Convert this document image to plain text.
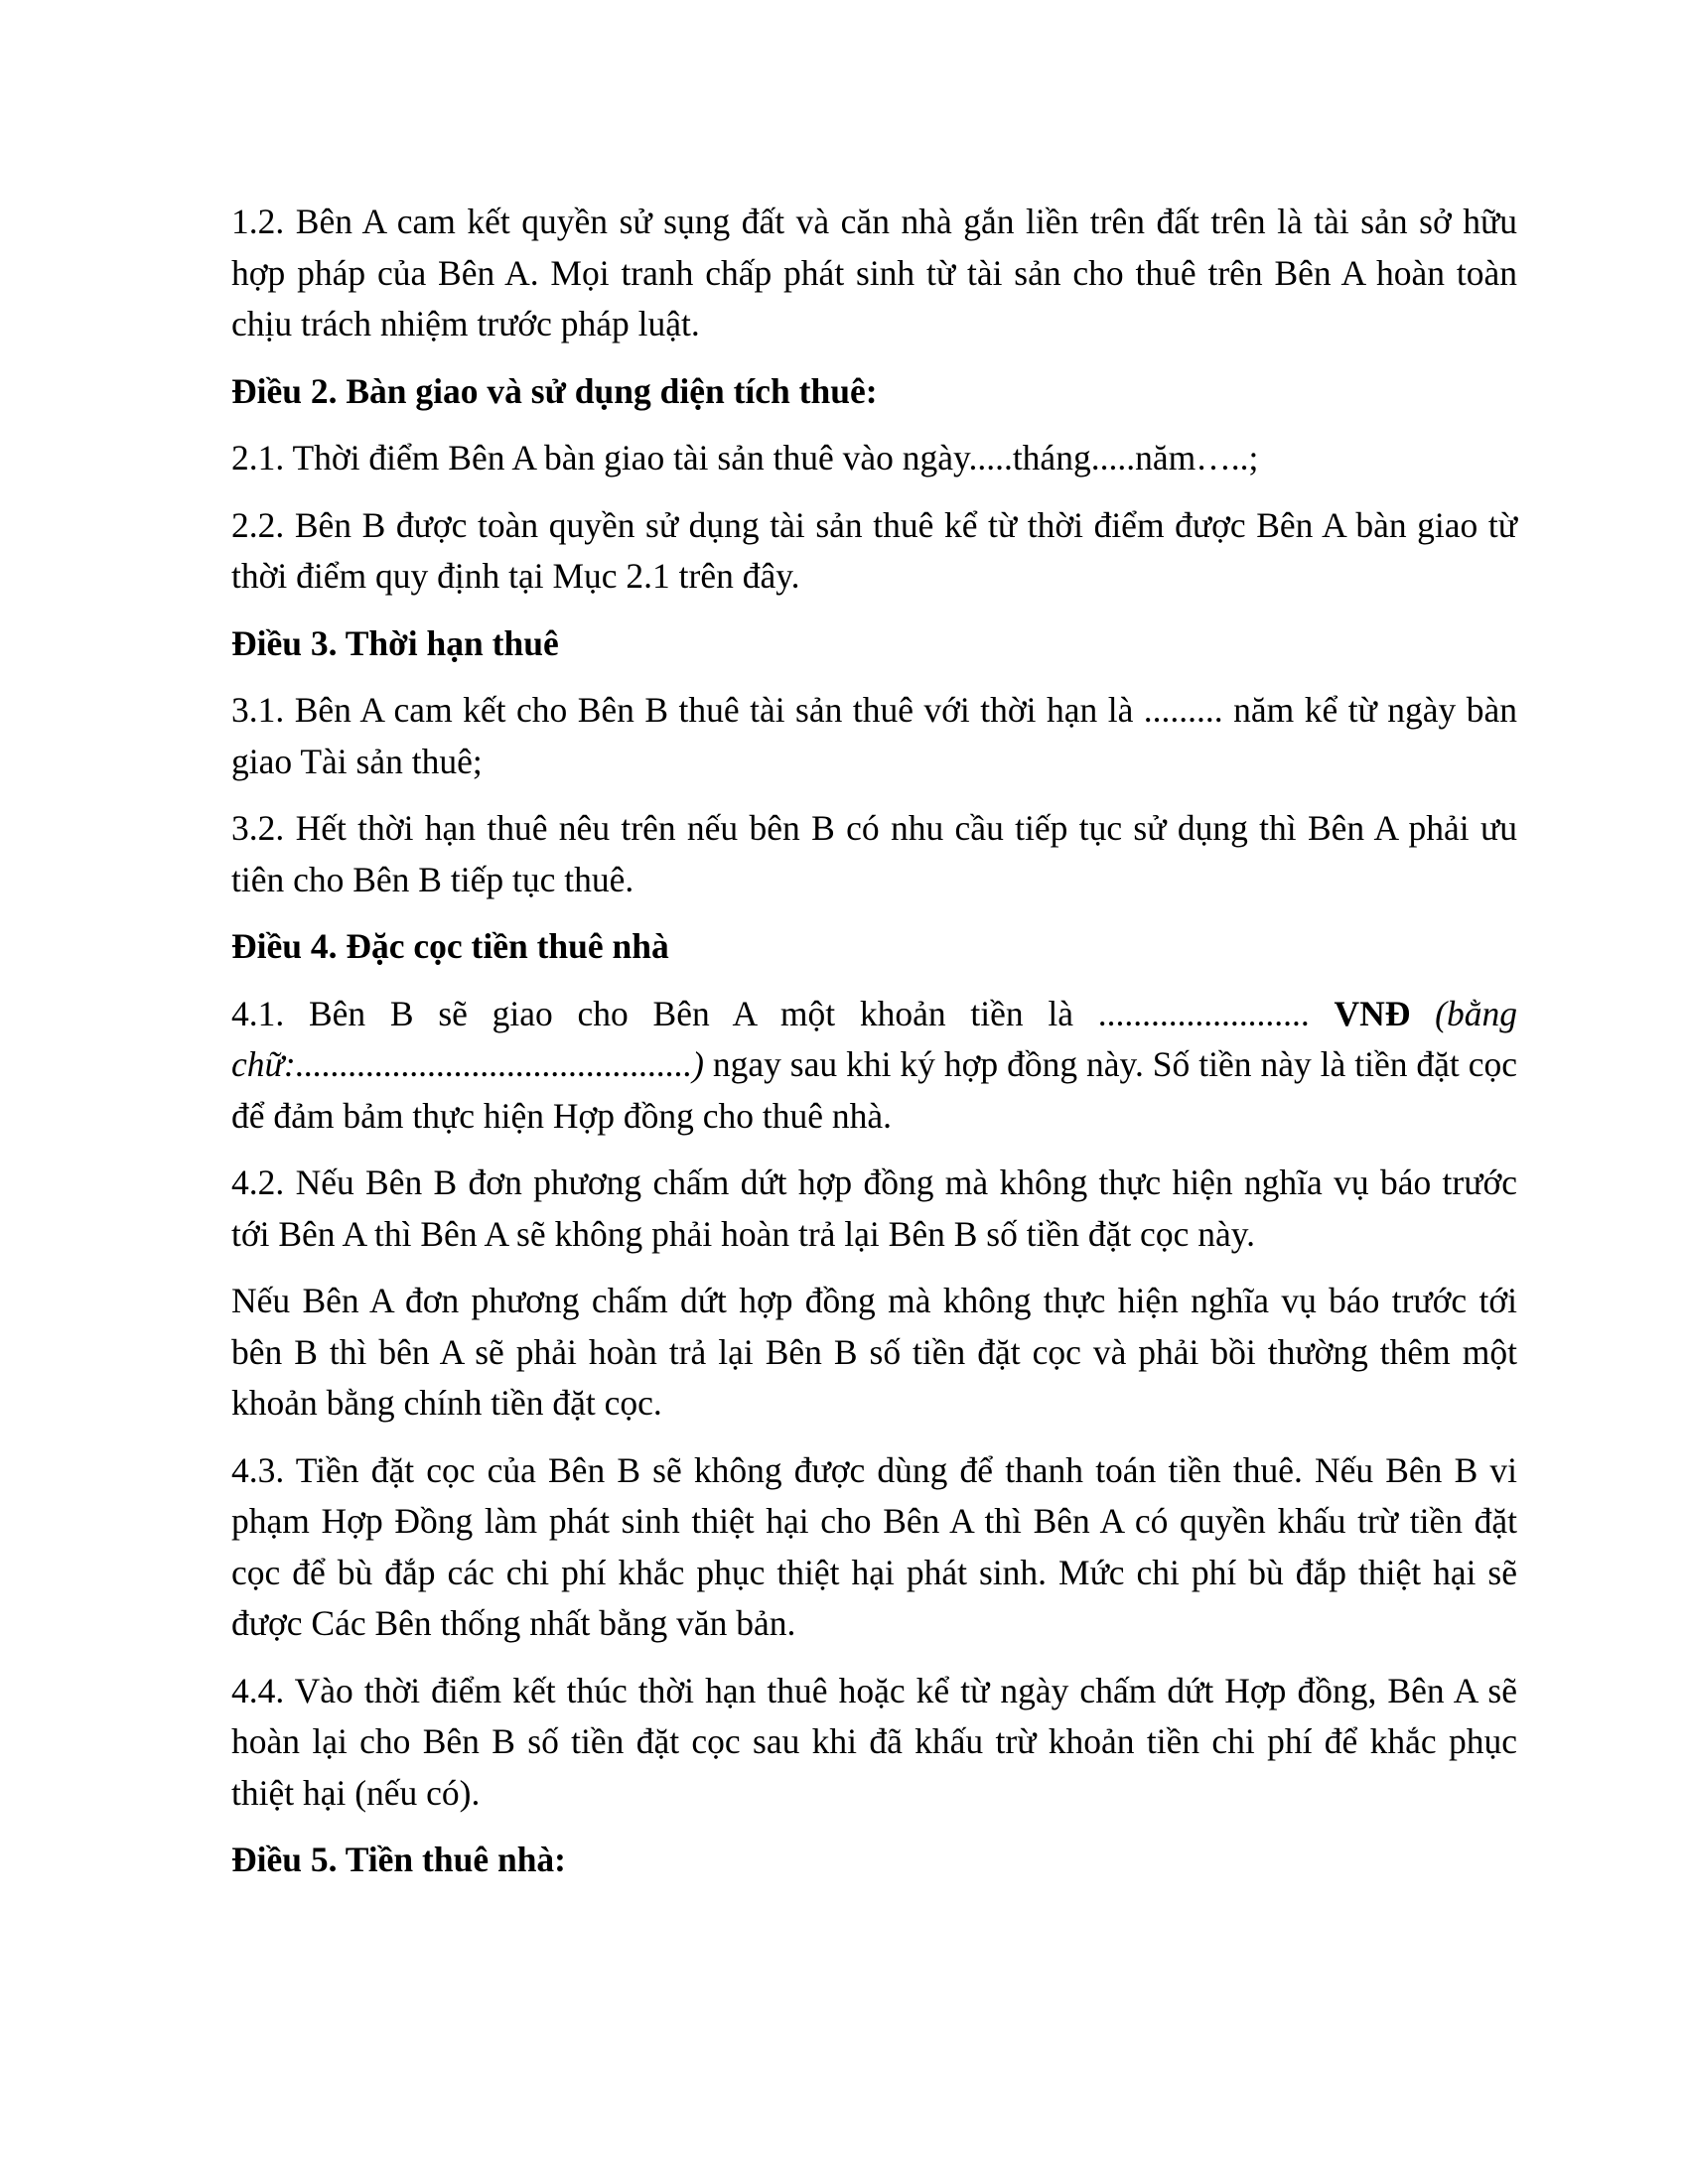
1.2. Bên A cam kết quyền sử sụng đất và căn nhà gắn liền trên đất trên là tài sản sở hữu hợp pháp của Bên A. Mọi tranh chấp phát sinh từ tài sản cho thuê trên Bên A hoàn toàn chịu trách nhiệm trước pháp luật.

Điều 2. Bàn giao và sử dụng diện tích thuê:

2.1. Thời điểm Bên A bàn giao tài sản thuê vào ngày.....tháng.....năm…..;

2.2. Bên B được toàn quyền sử dụng tài sản thuê kể từ thời điểm được Bên A bàn giao từ thời điểm quy định tại Mục 2.1 trên đây.

Điều 3. Thời hạn thuê

3.1. Bên A cam kết cho Bên B thuê tài sản thuê với thời hạn là ......... năm kể từ ngày bàn giao Tài sản thuê;

3.2. Hết thời hạn thuê nêu trên nếu bên B có nhu cầu tiếp tục sử dụng thì Bên A phải ưu tiên cho Bên B tiếp tục thuê.

Điều 4. Đặc cọc tiền thuê nhà

4.1. Bên B sẽ giao cho Bên A một khoản tiền là ........................ VNĐ (bằng chữ:.............................................) ngay sau khi ký hợp đồng này. Số tiền này là tiền đặt cọc để đảm bảm thực hiện Hợp đồng cho thuê nhà.

4.2. Nếu Bên B đơn phương chấm dứt hợp đồng mà không thực hiện nghĩa vụ báo trước tới Bên A thì Bên A sẽ không phải hoàn trả lại Bên B số tiền đặt cọc này.

Nếu Bên A đơn phương chấm dứt hợp đồng mà không thực hiện nghĩa vụ báo trước tới bên B thì bên A sẽ phải hoàn trả lại Bên B số tiền đặt cọc và phải bồi thường thêm một khoản bằng chính tiền đặt cọc.

4.3. Tiền đặt cọc của Bên B sẽ không được dùng để thanh toán tiền thuê. Nếu Bên B vi phạm Hợp Đồng làm phát sinh thiệt hại cho Bên A thì Bên A có quyền khấu trừ tiền đặt cọc để bù đắp các chi phí khắc phục thiệt hại phát sinh. Mức chi phí bù đắp thiệt hại sẽ được Các Bên thống nhất bằng văn bản.

4.4. Vào thời điểm kết thúc thời hạn thuê hoặc kể từ ngày chấm dứt Hợp đồng, Bên A sẽ hoàn lại cho Bên B số tiền đặt cọc sau khi đã khấu trừ khoản tiền chi phí để khắc phục thiệt hại (nếu có).

Điều 5. Tiền thuê nhà:
